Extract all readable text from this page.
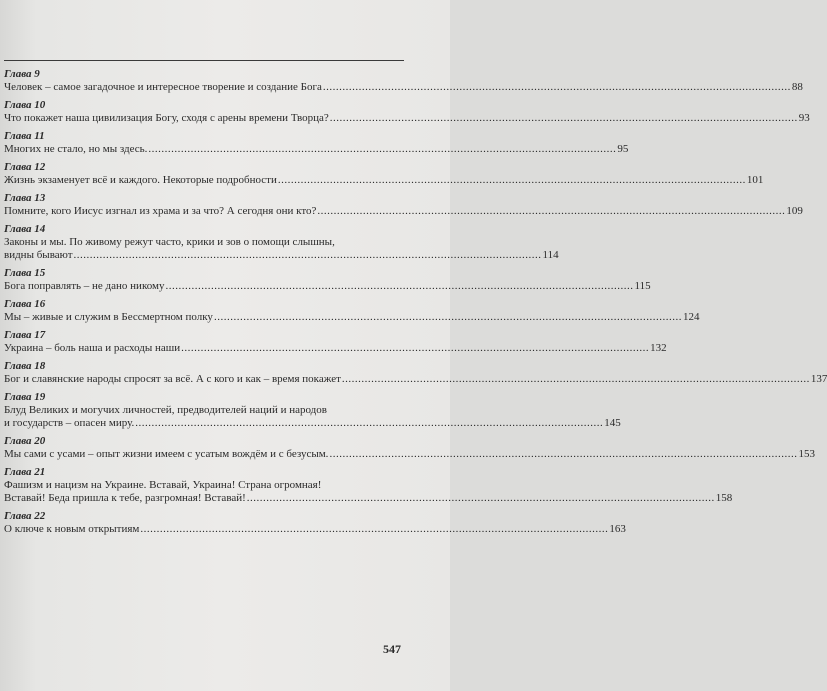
Глава 9
Человек – самое загадочное и интересное творение и создание Бога .....	88
Глава 10
Что покажет наша цивилизация Богу, сходя с арены времени Творца? .....	93
Глава 11
Многих не стало, но мы здесь. .....	95
Глава 12
Жизнь экзаменует всё и каждого. Некоторые подробности .....	101
Глава 13
Помните, кого Иисус изгнал из храма и за что? А сегодня они кто? .....	109
Глава 14
Законы и мы. По живому режут часто, крики и зов о помощи слышны,
видны бывают .....	114
Глава 15
Бога поправлять – не дано никому .....	115
Глава 16
Мы – живые и служим в Бессмертном полку .....	124
Глава 17
Украина – боль наша и расходы наши .....	132
Глава 18
Бог и славянские народы спросят за всё. А с кого и как – время покажет .....	137
Глава 19
Блуд Великих и могучих личностей, предводителей наций и народов
и государств – опасен миру. .....	145
Глава 20
Мы сами с усами – опыт жизни имеем с усатым вождём и с безусым. .....	153
Глава 21
Фашизм и нацизм на Украине. Вставай, Украина! Страна огромная!
Вставай! Беда пришла к тебе, разгромная! Вставай! .....	158
Глава 22
О ключе к новым открытиям .....	163
547
